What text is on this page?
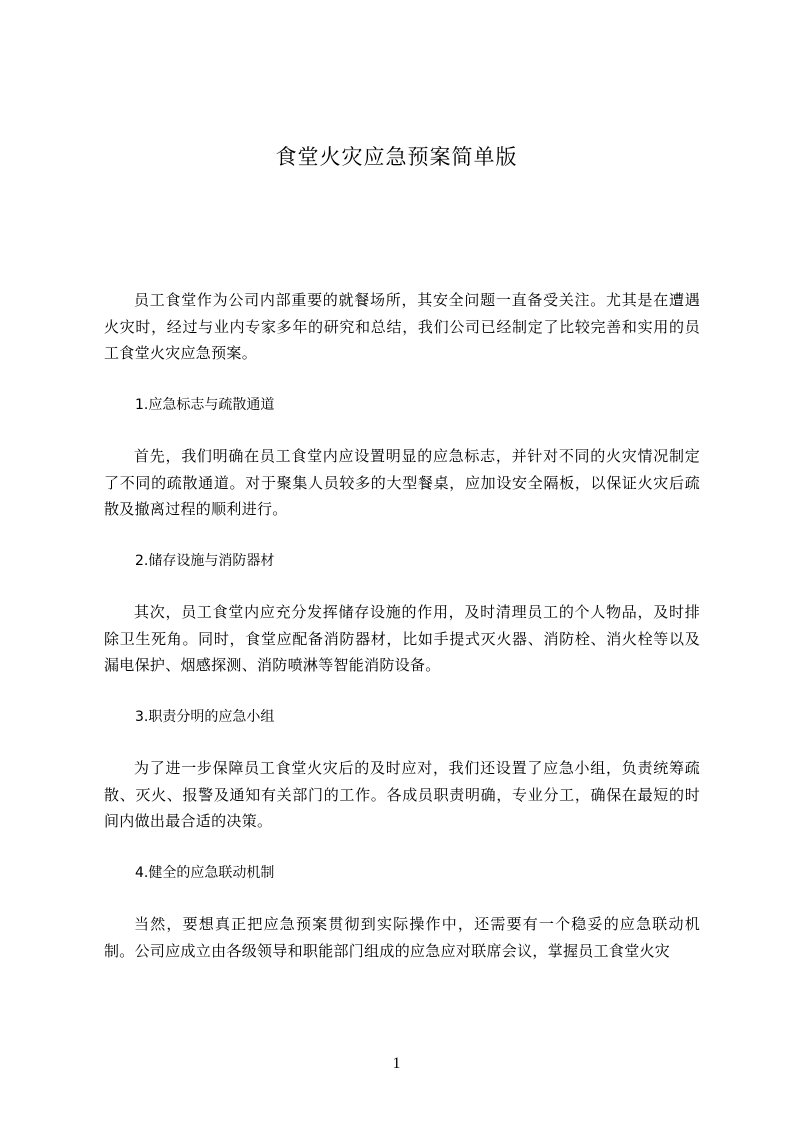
食堂火灾应急预案简单版

员工食堂作为公司内部重要的就餐场所，其安全问题一直备受关注。尤其是在遭遇火灾时，经过与业内专家多年的研究和总结，我们公司已经制定了比较完善和实用的员工食堂火灾应急预案。

1.应急标志与疏散通道

首先，我们明确在员工食堂内应设置明显的应急标志，并针对不同的火灾情况制定了不同的疏散通道。对于聚集人员较多的大型餐桌，应加设安全隔板，以保证火灾后疏散及撤离过程的顺利进行。

2.储存设施与消防器材

其次，员工食堂内应充分发挥储存设施的作用，及时清理员工的个人物品，及时排除卫生死角。同时，食堂应配备消防器材，比如手提式灭火器、消防栓、消火栓等以及漏电保护、烟感探测、消防喷淋等智能消防设备。

3.职责分明的应急小组

为了进一步保障员工食堂火灾后的及时应对，我们还设置了应急小组，负责统筹疏散、灭火、报警及通知有关部门的工作。各成员职责明确，专业分工，确保在最短的时间内做出最合适的决策。

4.健全的应急联动机制

当然，要想真正把应急预案贯彻到实际操作中，还需要有一个稳妥的应急联动机制。公司应成立由各级领导和职能部门组成的应急应对联席会议，掌握员工食堂火灾

1
